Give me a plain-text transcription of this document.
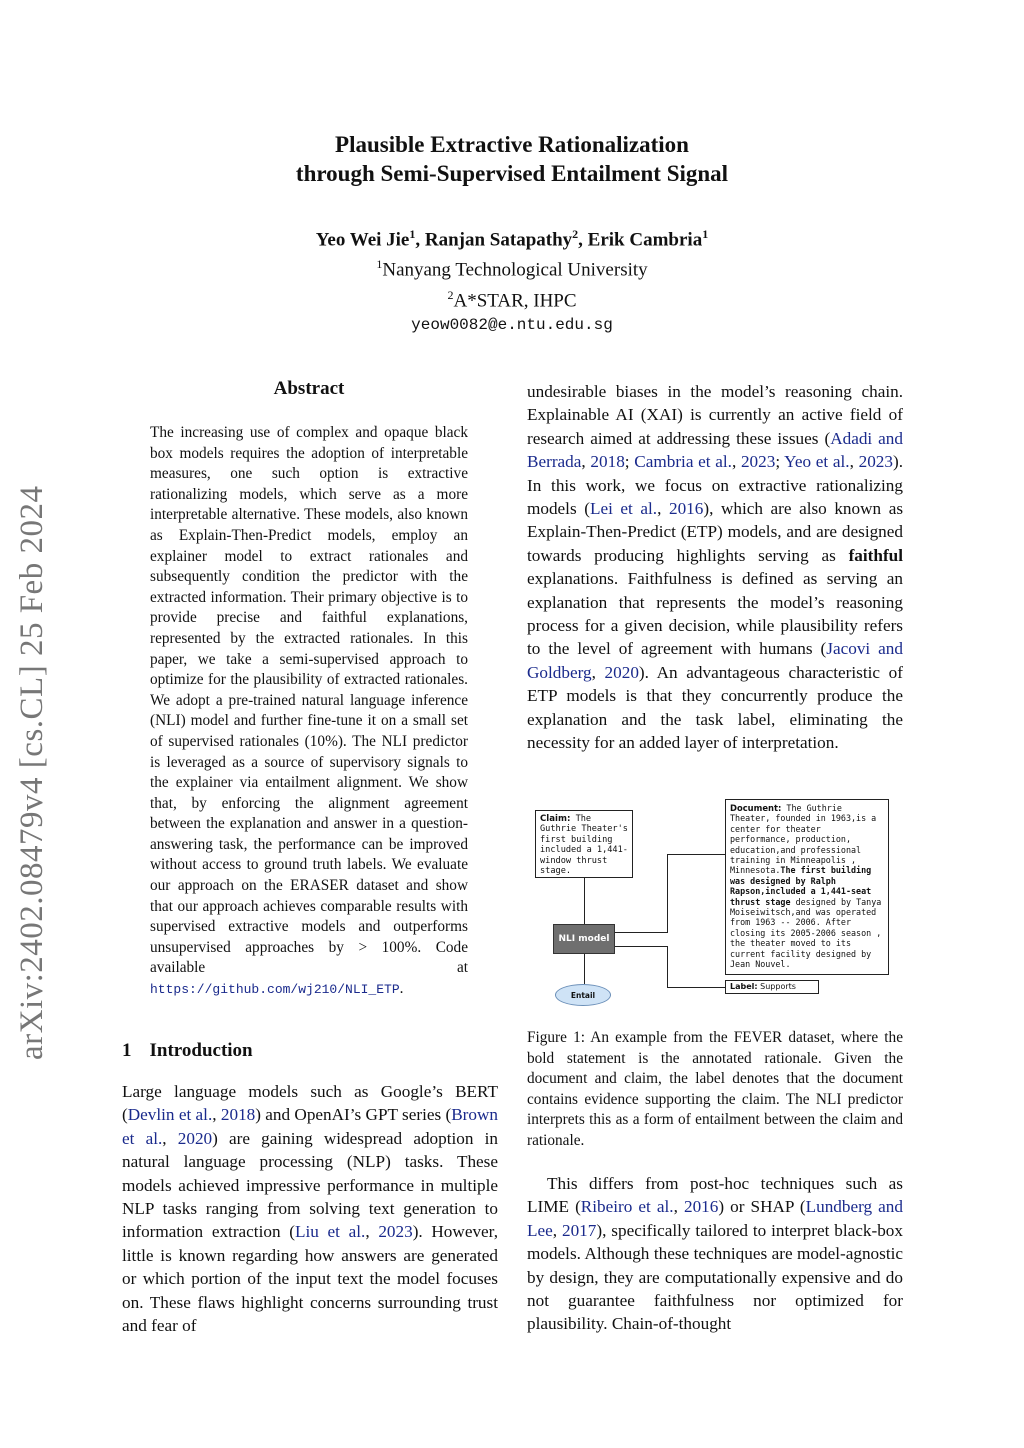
arXiv:2402.08479v4 [cs.CL] 25 Feb 2024
Plausible Extractive Rationalization
through Semi-Supervised Entailment Signal
Yeo Wei Jie$^1$, Ranjan Satapathy$^2$, Erik Cambria$^1$
$^1$Nanyang Technological University
$^2$A*STAR, IHPC
yeow0082@e.ntu.edu.sg
Abstract
The increasing use of complex and opaque black box models requires the adoption of interpretable measures, one such option is extractive rationalizing models, which serve as a more interpretable alternative. These models, also known as Explain-Then-Predict models, employ an explainer model to extract rationales and subsequently condition the predictor with the extracted information. Their primary objective is to provide precise and faithful explanations, represented by the extracted rationales. In this paper, we take a semi-supervised approach to optimize for the plausibility of extracted rationales. We adopt a pre-trained natural language inference (NLI) model and further fine-tune it on a small set of supervised rationales (10%). The NLI predictor is leveraged as a source of supervisory signals to the explainer via entailment alignment. We show that, by enforcing the alignment agreement between the explanation and answer in a question-answering task, the performance can be improved without access to ground truth labels. We evaluate our approach on the ERASER dataset and show that our approach achieves comparable results with supervised extractive models and outperforms unsupervised approaches by > 100%. Code available at https://github.com/wj210/NLI_ETP.
1 Introduction
Large language models such as Google’s BERT (Devlin et al., 2018) and OpenAI’s GPT series (Brown et al., 2020) are gaining widespread adoption in natural language processing (NLP) tasks. These models achieved impressive performance in multiple NLP tasks ranging from solving text generation to information extraction (Liu et al., 2023). However, little is known regarding how answers are generated or which portion of the input text the model focuses on. These flaws highlight concerns surrounding trust and fear of
undesirable biases in the model’s reasoning chain. Explainable AI (XAI) is currently an active field of research aimed at addressing these issues (Adadi and Berrada, 2018; Cambria et al., 2023; Yeo et al., 2023). In this work, we focus on extractive rationalizing models (Lei et al., 2016), which are also known as Explain-Then-Predict (ETP) models, and are designed towards producing highlights serving as faithful explanations. Faithfulness is defined as serving an explanation that represents the model’s reasoning process for a given decision, while plausibility refers to the level of agreement with humans (Jacovi and Goldberg, 2020). An advantageous characteristic of ETP models is that they concurrently produce the explanation and the task label, eliminating the necessity for an added layer of interpretation.
Claim: The Guthrie Theater's first building included a 1,441-window thrust stage.
Document: The Guthrie Theater, founded in 1963,is a center for theater performance, production, education,and professional training in Minneapolis , Minnesota.The first building was designed by Ralph Rapson,included a 1,441-seat thrust stage designed by Tanya Moiseiwitsch,and was operated from 1963 -- 2006. After closing its 2005-2006 season , the theater moved to its current facility designed by Jean Nouvel.
Label: Supports
NLI model
Entail
Figure 1: An example from the FEVER dataset, where the bold statement is the annotated rationale. Given the document and claim, the label denotes that the document contains evidence supporting the claim. The NLI predictor interprets this as a form of entailment between the claim and rationale.
This differs from post-hoc techniques such as LIME (Ribeiro et al., 2016) or SHAP (Lundberg and Lee, 2017), specifically tailored to interpret black-box models. Although these techniques are model-agnostic by design, they are computationally expensive and do not guarantee faithfulness nor optimized for plausibility. Chain-of-thought
